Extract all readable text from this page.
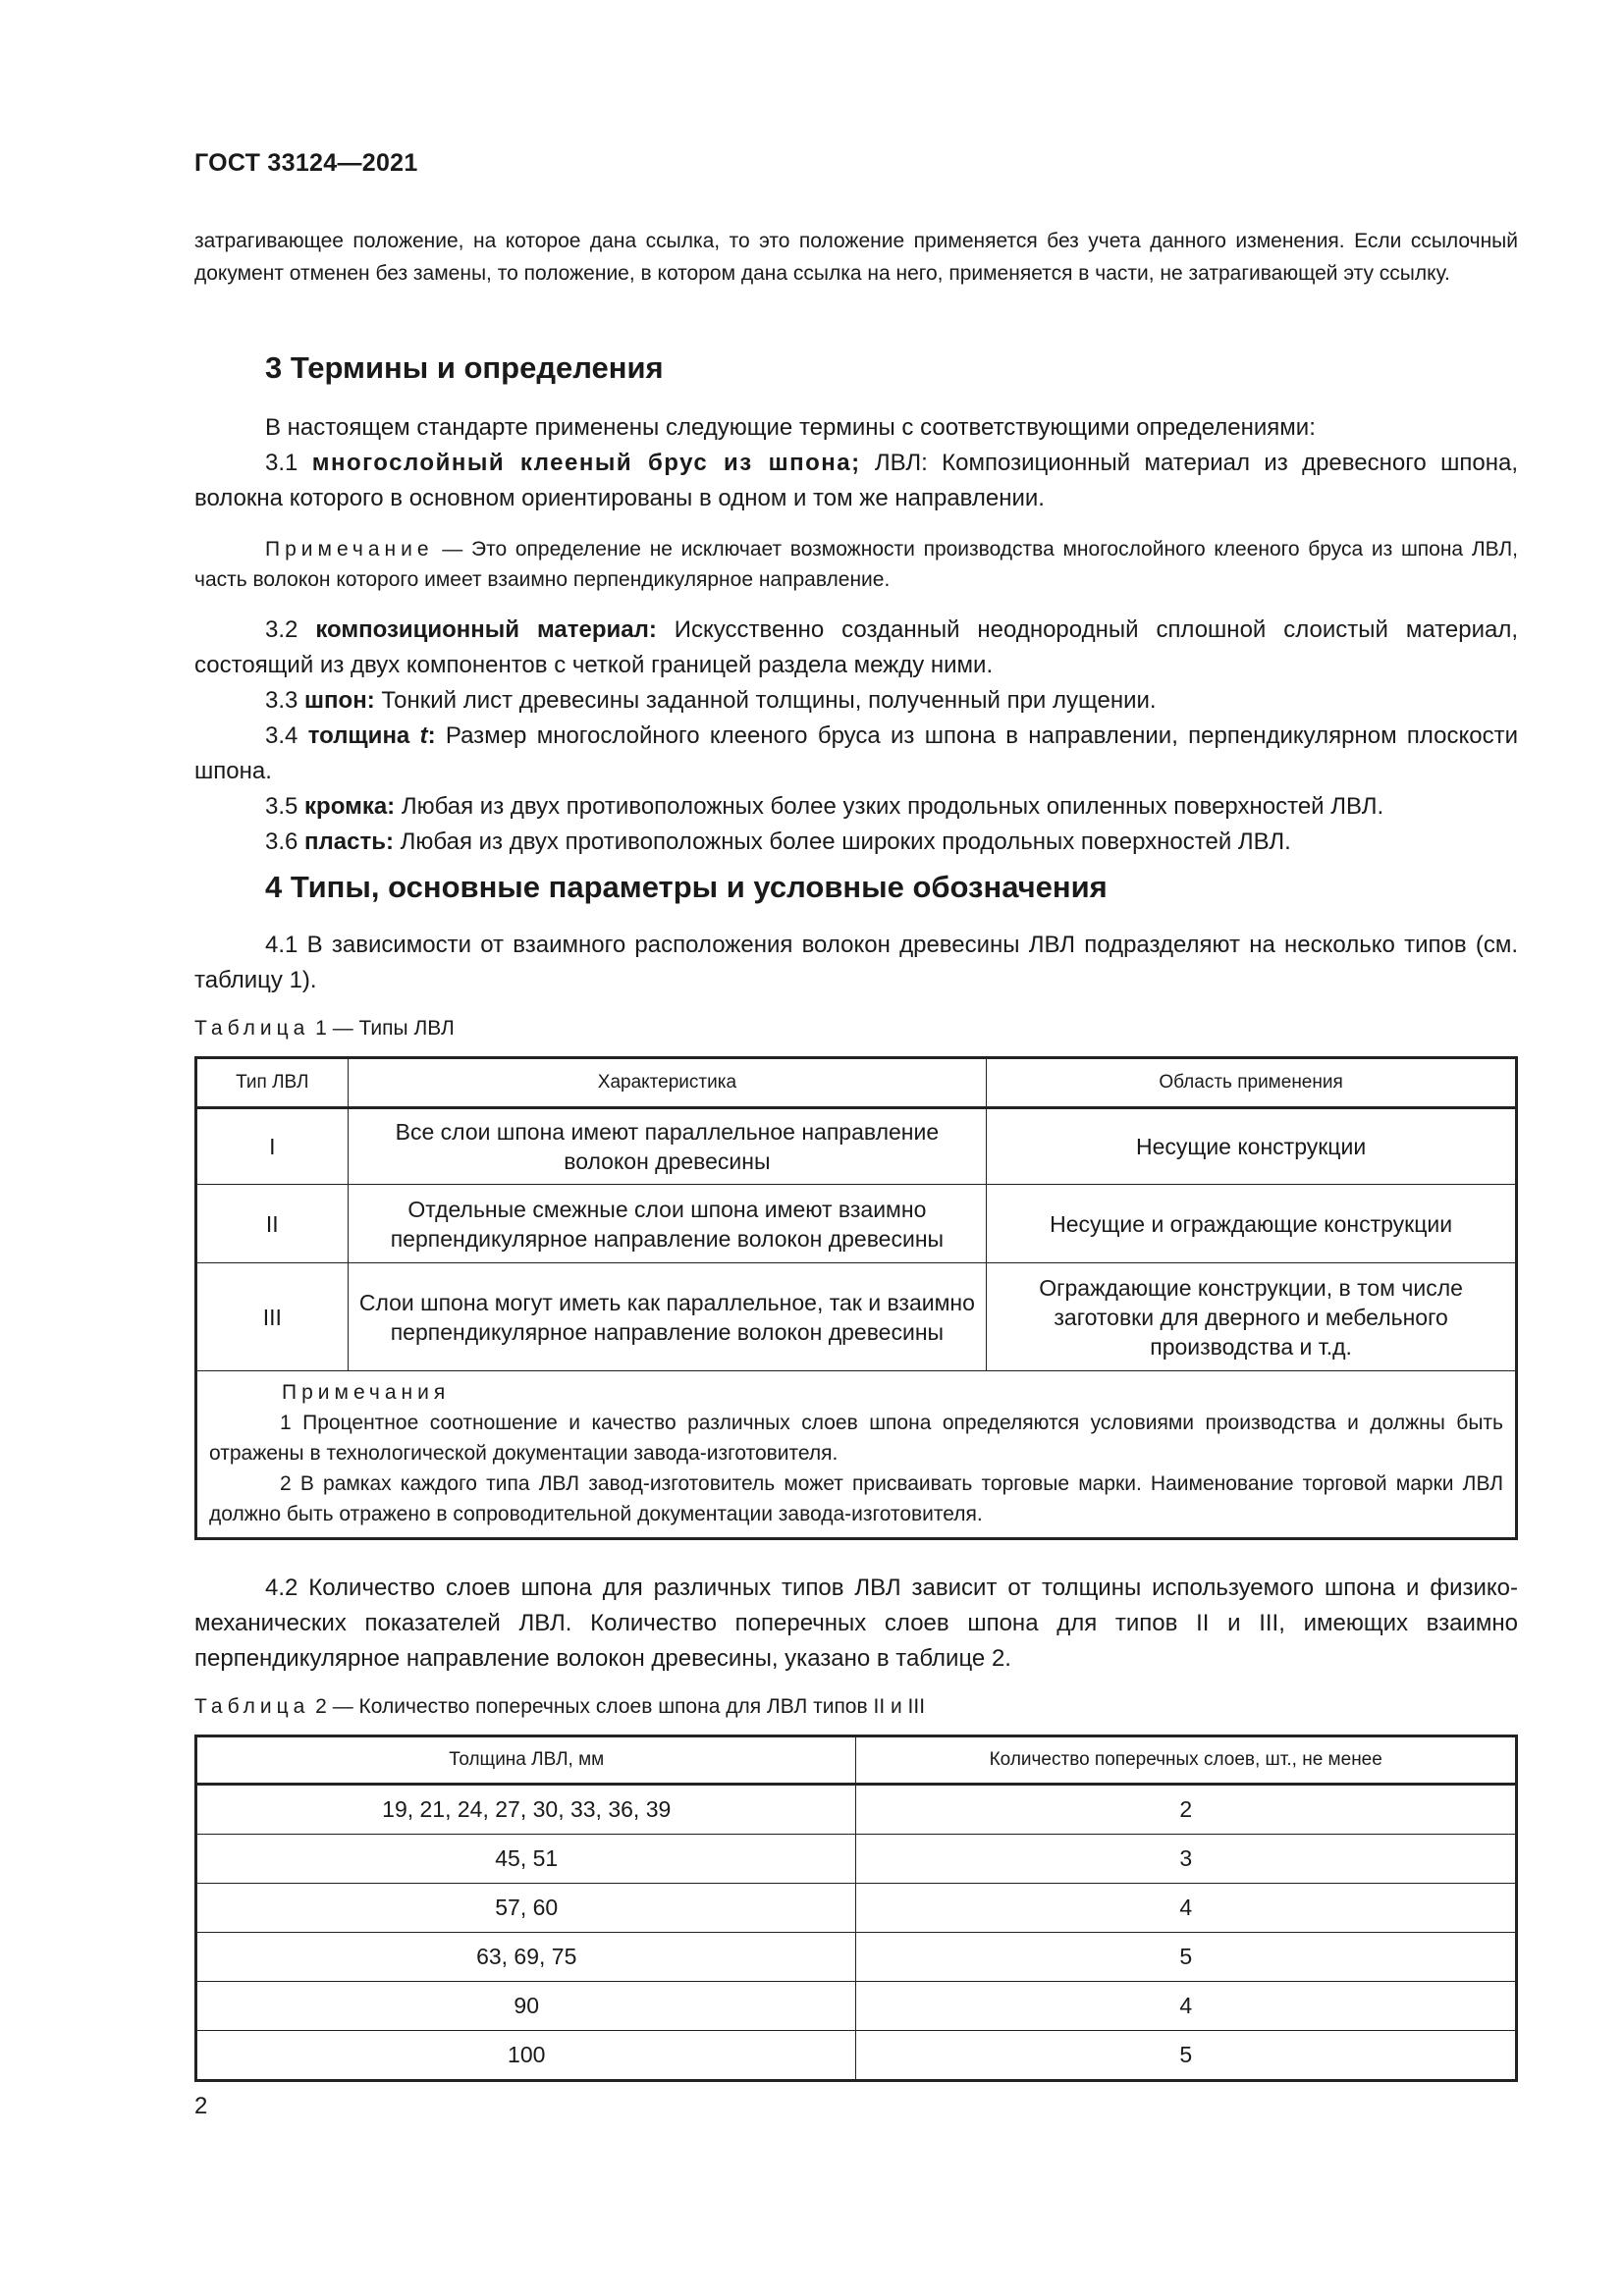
ГОСТ 33124—2021

затрагивающее положение, на которое дана ссылка, то это положение применяется без учета данного изменения. Если ссылочный документ отменен без замены, то положение, в котором дана ссылка на него, применяется в части, не затрагивающей эту ссылку.

3 Термины и определения

В настоящем стандарте применены следующие термины с соответствующими определениями:

3.1 многослойный клееный брус из шпона; ЛВЛ: Композиционный материал из древесного шпона, волокна которого в основном ориентированы в одном и том же направлении.

Примечание — Это определение не исключает возможности производства многослойного клееного бруса из шпона ЛВЛ, часть волокон которого имеет взаимно перпендикулярное направление.

3.2 композиционный материал: Искусственно созданный неоднородный сплошной слоистый материал, состоящий из двух компонентов с четкой границей раздела между ними.

3.3 шпон: Тонкий лист древесины заданной толщины, полученный при лущении.

3.4 толщина t: Размер многослойного клееного бруса из шпона в направлении, перпендикулярном плоскости шпона.

3.5 кромка: Любая из двух противоположных более узких продольных опиленных поверхностей ЛВЛ.

3.6 пласть: Любая из двух противоположных более широких продольных поверхностей ЛВЛ.

4 Типы, основные параметры и условные обозначения

4.1 В зависимости от взаимного расположения волокон древесины ЛВЛ подразделяют на несколько типов (см. таблицу 1).

Таблица 1 — Типы ЛВЛ

Тип ЛВЛ	Характеристика	Область применения
I	Все слои шпона имеют параллельное направление волокон древесины	Несущие конструкции
II	Отдельные смежные слои шпона имеют взаимно перпендикулярное направление волокон древесины	Несущие и ограждающие конструкции
III	Слои шпона могут иметь как параллельное, так и взаимно перпендикулярное направление волокон древесины	Ограждающие конструкции, в том числе заготовки для дверного и мебельного производства и т.д.

Примечания
1 Процентное соотношение и качество различных слоев шпона определяются условиями производства и должны быть отражены в технологической документации завода-изготовителя.
2 В рамках каждого типа ЛВЛ завод-изготовитель может присваивать торговые марки. Наименование торговой марки ЛВЛ должно быть отражено в сопроводительной документации завода-изготовителя.		

4.2 Количество слоев шпона для различных типов ЛВЛ зависит от толщины используемого шпона и физико-механических показателей ЛВЛ. Количество поперечных слоев шпона для типов II и III, имеющих взаимно перпендикулярное направление волокон древесины, указано в таблице 2.

Таблица 2 — Количество поперечных слоев шпона для ЛВЛ типов II и III

Толщина ЛВЛ, мм	Количество поперечных слоев, шт., не менее
19, 21, 24, 27, 30, 33, 36, 39	2
45, 51	3
57, 60	4
63, 69, 75	5
90	4
100	5
2
